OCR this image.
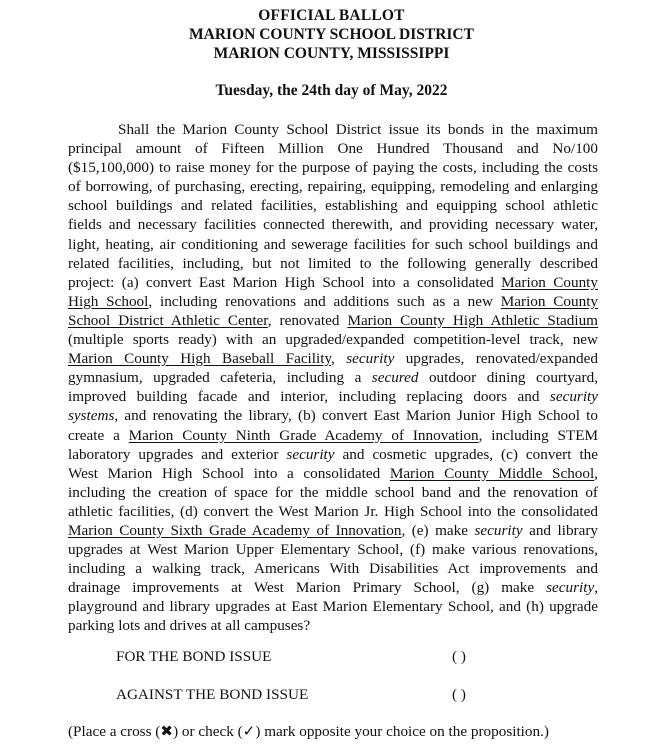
OFFICIAL BALLOT
MARION COUNTY SCHOOL DISTRICT
MARION COUNTY, MISSISSIPPI
Tuesday, the 24th day of May, 2022
Shall the Marion County School District issue its bonds in the maximum
principal amount of Fifteen Million One Hundred Thousand and No/100
($15,100,000) to raise money for the purpose of paying the costs, including the costs
of borrowing, of purchasing, erecting, repairing, equipping, remodeling and enlarging
school buildings and related facilities, establishing and equipping school athletic
fields and necessary facilities connected therewith, and providing necessary water,
light, heating, air conditioning and sewerage facilities for such school buildings and
related facilities, including, but not limited to the following generally described
project: (a) convert East Marion High School into a consolidated Marion County
High School, including renovations and additions such as a new Marion County
School District Athletic Center, renovated Marion County High Athletic Stadium
(multiple sports ready) with an upgraded/expanded competition-level track, new
Marion County High Baseball Facility, security upgrades, renovated/expanded
gymnasium, upgraded cafeteria, including a secured outdoor dining courtyard,
improved building facade and interior, including replacing doors and security
systems, and renovating the library, (b) convert East Marion Junior High School to
create a Marion County Ninth Grade Academy of Innovation, including STEM
laboratory upgrades and exterior security and cosmetic upgrades, (c) convert the
West Marion High School into a consolidated Marion County Middle School,
including the creation of space for the middle school band and the renovation of
athletic facilities, (d) convert the West Marion Jr. High School into the consolidated
Marion County Sixth Grade Academy of Innovation, (e) make security and library
upgrades at West Marion Upper Elementary School, (f) make various renovations,
including a walking track, Americans With Disabilities Act improvements and
drainage improvements at West Marion Primary School, (g) make security,
playground and library upgrades at East Marion Elementary School, and (h) upgrade
parking lots and drives at all campuses?
FOR THE BOND ISSUE	( )
AGAINST THE BOND ISSUE	( )
(Place a cross (✖) or check (✓) mark opposite your choice on the proposition.)
